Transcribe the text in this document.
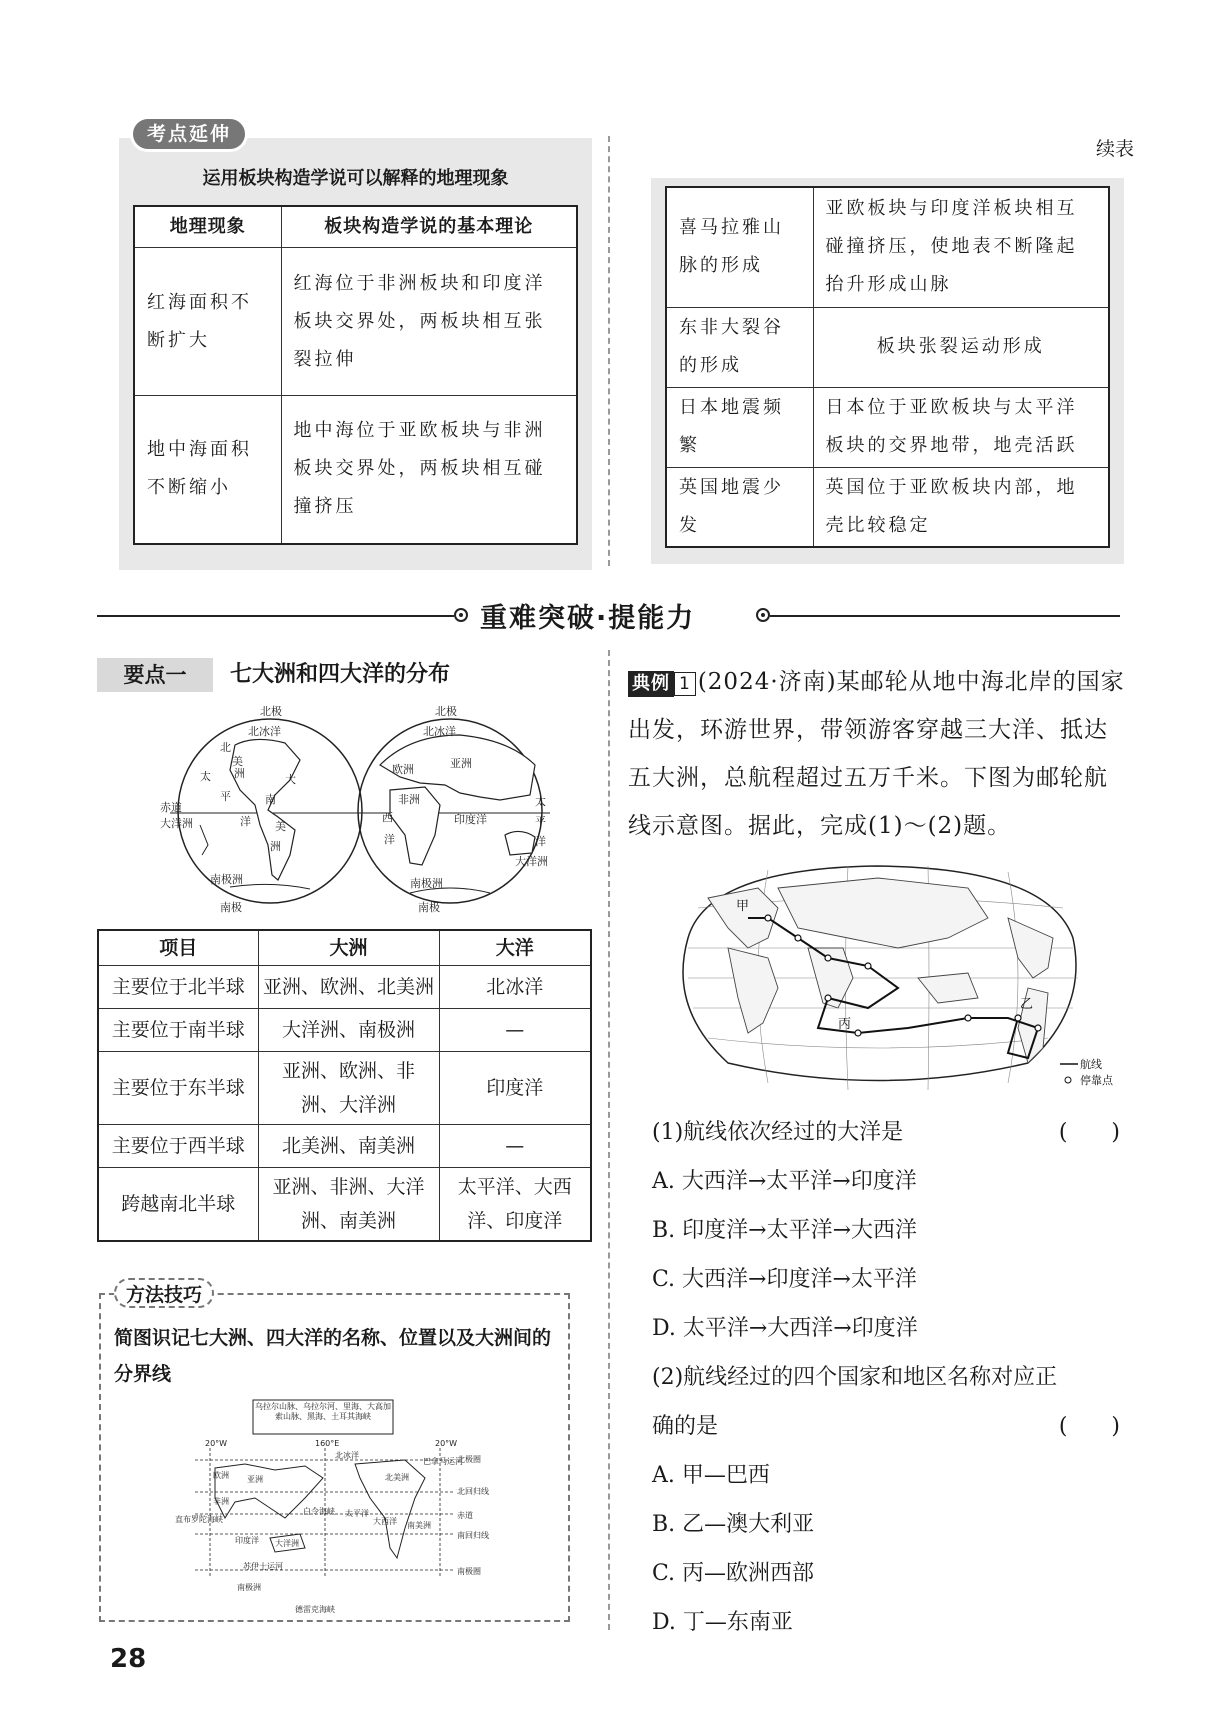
考点延伸
运用板块构造学说可以解释的地理现象
地理现象	板块构造学说的基本理论
红海面积不断扩大	红海位于非洲板块和印度洋板块交界处，两板块相互张裂拉伸
地中海面积不断缩小	地中海位于亚欧板块与非洲板块交界处，两板块相互碰撞挤压
续表
喜马拉雅山脉的形成	亚欧板块与印度洋板块相互碰撞挤压，使地表不断隆起抬升形成山脉
东非大裂谷的形成	板块张裂运动形成
日本地震频繁	日本位于亚欧板块与太平洋板块的交界地带，地壳活跃
英国地震少发	英国位于亚欧板块内部，地壳比较稳定
重难突破·提能力
要点一	七大洲和四大洋的分布
北极	北极
北冰洋	北冰洋
北
美
洲
太
平
洋
大
赤道
大洋洲
南
美
洲
南极洲
南极
亚洲
欧洲
非洲
西
洋
印度洋
太
平
洋
大洋洲
南极洲
南极
项目	大洲	大洋
主要位于北半球	亚洲、欧洲、北美洲	北冰洋
主要位于南半球	大洋洲、南极洲	—
主要位于东半球	亚洲、欧洲、非洲、大洋洲	印度洋
主要位于西半球	北美洲、南美洲	—
跨越南北半球	亚洲、非洲、大洋洲、南美洲	太平洋、大西洋、印度洋
方法技巧
简图识记七大洲、四大洋的名称、位置以及大洲间的分界线
乌拉尔山脉、乌拉尔河、里海、大高加索山脉、黑海、土耳其海峡
20°W	160°E	20°W
北冰洋	北极圈
北回归线
赤道
南回归线
南极圈
欧洲 亚洲
非洲
北美洲
南美洲
大洋洲
印度洋
太平洋
大西洋
苏伊士运河
南极洲
德雷克海峡
直布罗陀海峡
白令海峡
巴拿马运河
典例 1 (2024·济南)某邮轮从地中海北岸的国家出发，环游世界，带领游客穿越三大洋、抵达五大洲，总航程超过五万千米。下图为邮轮航线示意图。据此，完成(1)～(2)题。
甲
乙
丙
航线
停靠点
(1)航线依次经过的大洋是	(　　)
A. 大西洋→太平洋→印度洋
B. 印度洋→太平洋→大西洋
C. 大西洋→印度洋→太平洋
D. 太平洋→大西洋→印度洋
(2)航线经过的四个国家和地区名称对应正
确的是	(　　)
A. 甲—巴西
B. 乙—澳大利亚
C. 丙—欧洲西部
D. 丁—东南亚
28
